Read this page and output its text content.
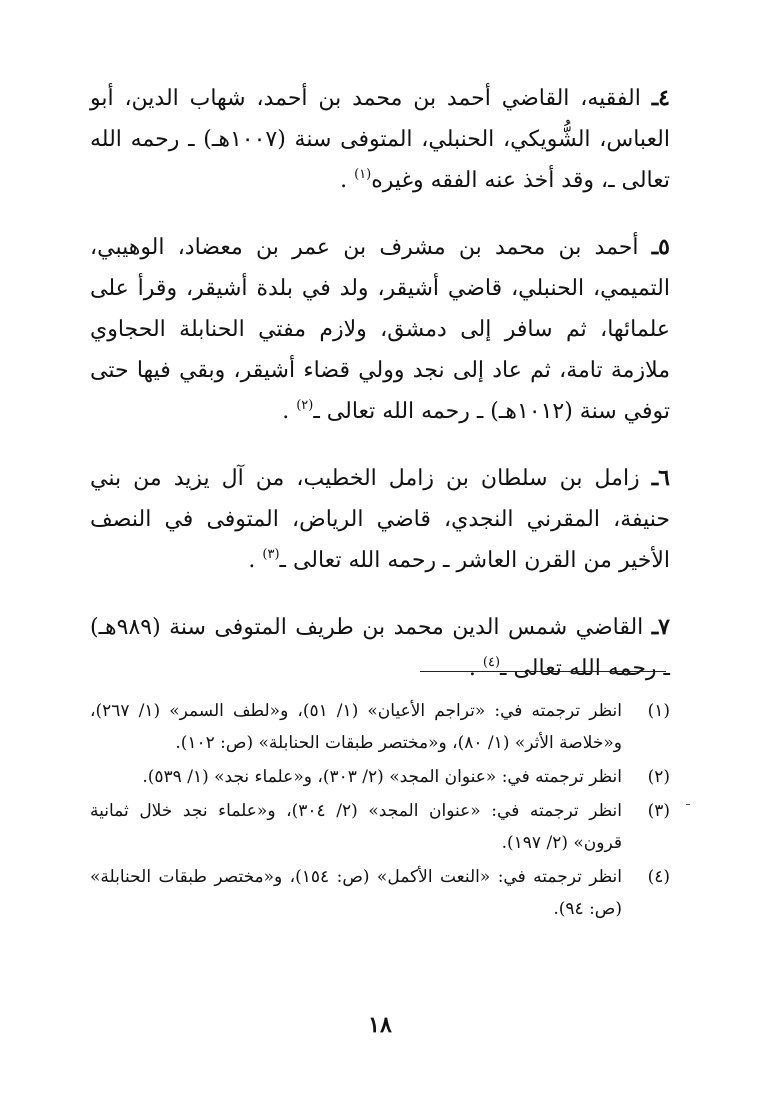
٤ـ الفقيه، القاضي أحمد بن محمد بن أحمد، شهاب الدين، أبو العباس، الشُّويكي، الحنبلي، المتوفى سنة (١٠٠٧هـ) ـ رحمه الله تعالى ـ، وقد أخذ عنه الفقه وغيره$^{(١)}$ .

٥ـ أحمد بن محمد بن مشرف بن عمر بن معضاد، الوهيبي، التميمي، الحنبلي، قاضي أشيقر، ولد في بلدة أشيقر، وقرأ على علمائها، ثم سافر إلى دمشق، ولازم مفتي الحنابلة الحجاوي ملازمة تامة، ثم عاد إلى نجد وولي قضاء أشيقر، وبقي فيها حتى توفي سنة (١٠١٢هـ) ـ رحمه الله تعالى ـ$^{(٢)}$ .

٦ـ زامل بن سلطان بن زامل الخطيب، من آل يزيد من بني حنيفة، المقرني النجدي، قاضي الرياض، المتوفى في النصف الأخير من القرن العاشر ـ رحمه الله تعالى ـ$^{(٣)}$ .

٧ـ القاضي شمس الدين محمد بن طريف المتوفى سنة (٩٨٩هـ) ـ رحمه الله تعالى ـ$^{(٤)}$ .

(١)
انظر ترجمته في: «تراجم الأعيان» (١/ ٥١)، و«لطف السمر» (١/ ٢٦٧)، و«خلاصة الأثر» (١/ ٨٠)، و«مختصر طبقات الحنابلة» (ص: ١٠٢).
(٢)
انظر ترجمته في: «عنوان المجد» (٢/ ٣٠٣)، و«علماء نجد» (١/ ٥٣٩).
(٣)
انظر ترجمته في: «عنوان المجد» (٢/ ٣٠٤)، و«علماء نجد خلال ثمانية قرون» (٢/ ١٩٧).
(٤)
انظر ترجمته في: «النعت الأكمل» (ص: ١٥٤)، و«مختصر طبقات الحنابلة» (ص: ٩٤).
١٨
